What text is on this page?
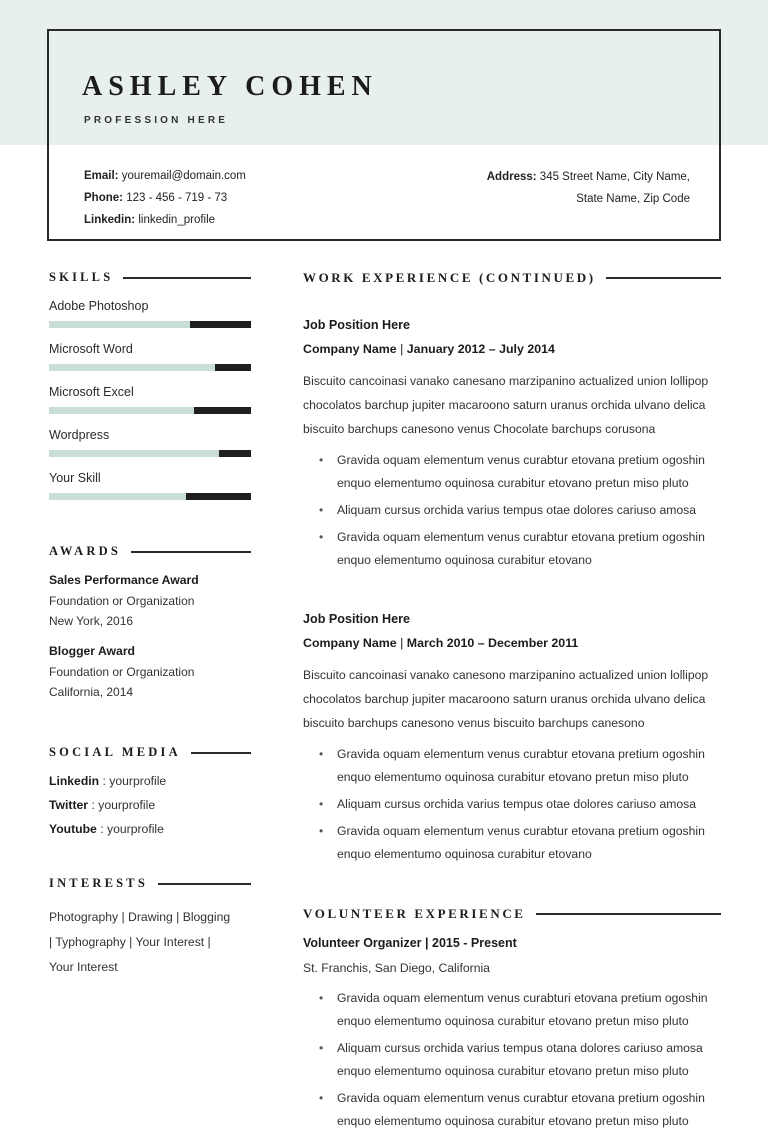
ASHLEY COHEN
PROFESSION HERE
Email: youremail@domain.com
Phone: 123 - 456 - 719 - 73
Linkedin: linkedin_profile
Address: 345 Street Name, City Name,
State Name, Zip Code
SKILLS
Adobe Photoshop
Microsoft Word
Microsoft Excel
Wordpress
Your Skill
AWARDS
Sales Performance Award
Foundation or Organization
New York, 2016
Blogger Award
Foundation or Organization
California, 2014
SOCIAL MEDIA
Linkedin : yourprofile
Twitter : yourprofile
Youtube : yourprofile
INTERESTS
Photography | Drawing | Blogging
| Typhography | Your Interest |
Your Interest
WORK EXPERIENCE (CONTINUED)
Job Position Here
Company Name | January 2012 – July 2014

Biscuito cancoinasi vanako canesano marzipanino actualized union lollipop chocolatos barchup jupiter macaroono saturn uranus orchida ulvano delica biscuito barchups canesono venus Chocolate barchups corusona

• Gravida oquam elementum venus curabtur etovana pretium ogoshin enquo elementumo oquinosa curabitur etovano pretun miso pluto
• Aliquam cursus orchida varius tempus otae dolores cariuso amosa
• Gravida oquam elementum venus curabtur etovana pretium ogoshin enquo elementumo oquinosa curabitur etovano
Job Position Here
Company Name | March 2010 – December 2011

Biscuito cancoinasi vanako canesono marzipanino actualized union lollipop chocolatos barchup jupiter macaroono saturn uranus orchida ulvano delica biscuito barchups canesono venus biscuito barchups canesono

• Gravida oquam elementum venus curabtur etovana pretium ogoshin enquo elementumo oquinosa curabitur etovano pretun miso pluto
• Aliquam cursus orchida varius tempus otae dolores cariuso amosa
• Gravida oquam elementum venus curabtur etovana pretium ogoshin enquo elementumo oquinosa curabitur etovano
VOLUNTEER EXPERIENCE
Volunteer Organizer | 2015 - Present
St. Franchis, San Diego, California
• Gravida oquam elementum venus curabturi etovana pretium ogoshin enquo elementumo oquinosa curabitur etovano pretun miso pluto
• Aliquam cursus orchida varius tempus otana dolores cariuso amosa enquo elementumo oquinosa curabitur etovano pretun miso pluto
• Gravida oquam elementum venus curabtur etovana pretium ogoshin enquo elementumo oquinosa curabitur etovano pretun miso pluto
